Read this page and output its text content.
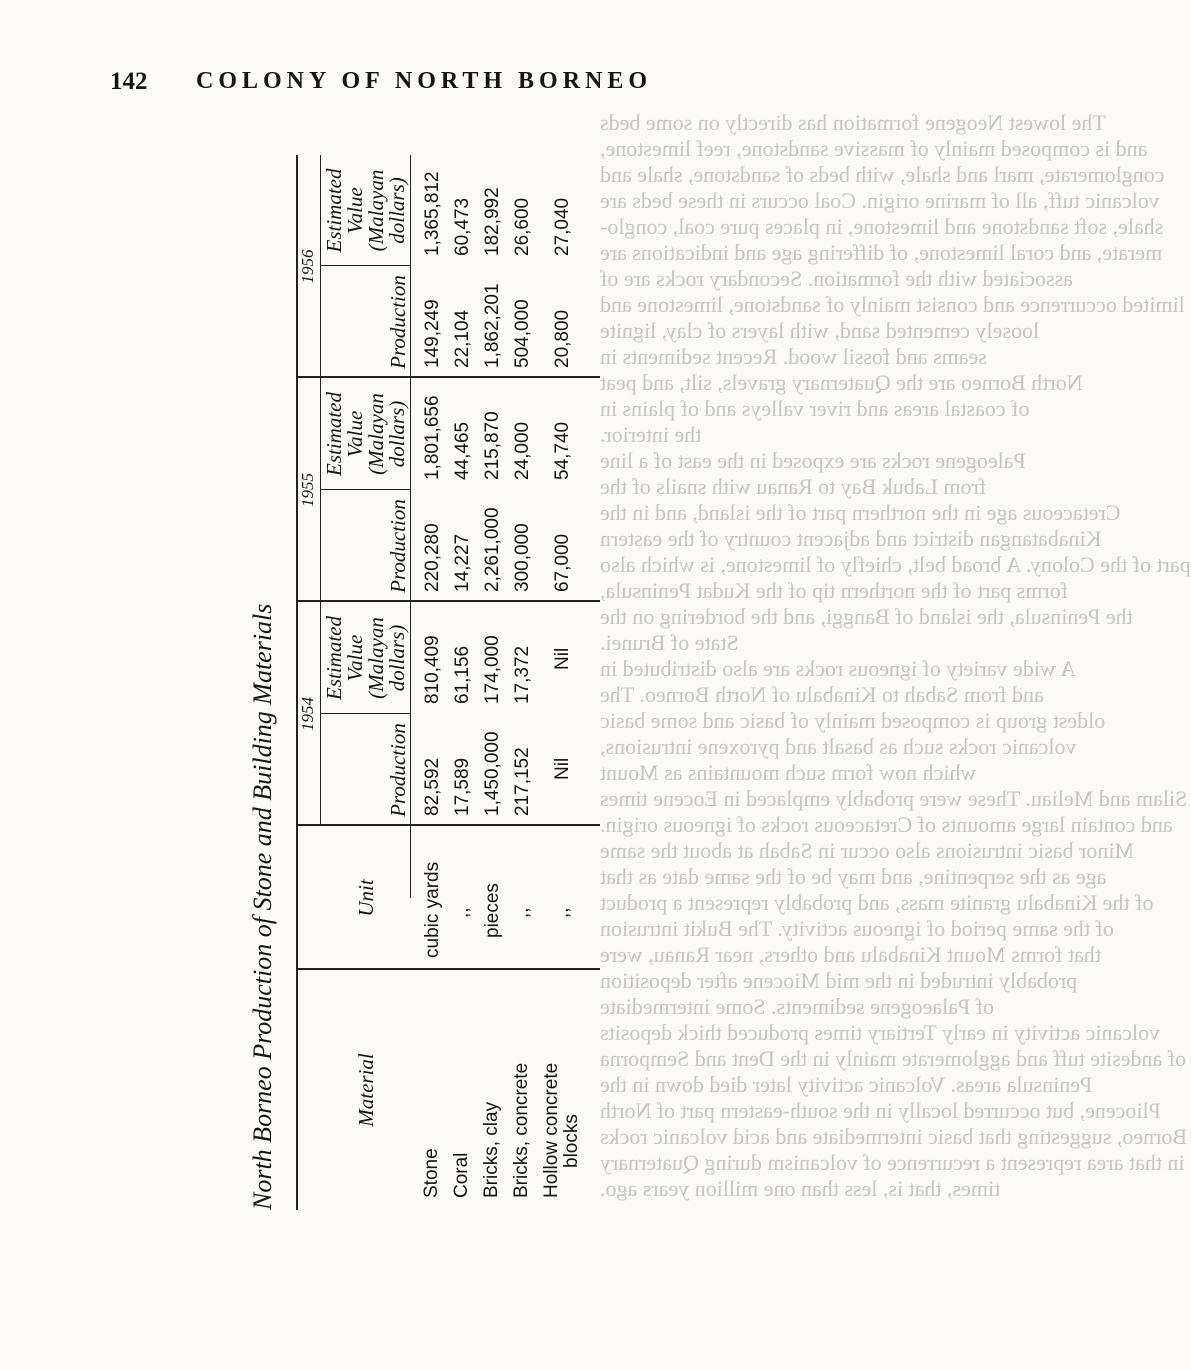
142 COLONY OF NORTH BORNEO
The lowest Neogene formation has directly on some beds
and is composed mainly of massive sandstone, reef limestone,
conglomerate, marl and shale, with beds of sandstone, shale and
volcanic tuff, all of marine origin. Coal occurs in these beds are
shale, soft sandstone and limestone, in places pure coal, conglo-
merate, and coral limestone, of differing age and indications are
associated with the formation. Secondary rocks are of
limited occurrence and consist mainly of sandstone, limestone and
loosely cemented sand, with layers of clay, lignite
seams and fossil wood. Recent sediments in
North Borneo are the Quaternary gravels, silt, and peat
of coastal areas and river valleys and of plains in
the interior.
Paleogene rocks are exposed in the east of a line
from Labuk Bay to Ranau with snails of the
Cretaceous age in the northern part of the island, and in the
Kinabatangan district and adjacent country of the eastern
part of the Colony. A broad belt, chiefly of limestone, is which also
forms part of the northern tip of the Kudat Peninsula,
the Peninsula, the island of Banggi, and the bordering on the
State of Brunei.
A wide variety of igneous rocks are also distributed in
and from Sabah to Kinabalu of North Borneo. The
oldest group is composed mainly of basic and some basic
volcanic rocks such as basalt and pyroxene intrusions,
which now form such mountains as Mount
Silam and Meliau. These were probably emplaced in Eocene times
and contain large amounts of Cretaceous rocks of igneous origin.
Minor basic intrusions also occur in Sabah at about the same
age as the serpentine, and may be of the same date as that
of the Kinabalu granite mass, and probably represent a product
of the same period of igneous activity. The Bukit intrusion
that forms Mount Kinabalu and others, near Ranau, were
probably intruded in the mid Miocene after deposition
of Palaeogene sediments. Some intermediate
volcanic activity in early Tertiary times produced thick deposits
of andesite tuff and agglomerate mainly in the Dent and Semporna
Peninsula areas. Volcanic activity later died down in the
Pliocene, but occurred locally in the south-eastern part of North
Borneo, suggesting that basic intermediate and acid volcanic rocks
in that area represent a recurrence of volcanism during Quaternary
times, that is, less than one million years ago.
North Borneo Production of Stone and Building Materials	Material
Unit
1954
1955
1956
Production
Estimated
Value
(Malayan
dollars)
Production
Estimated
Value
(Malayan
dollars)
Production
Estimated
Value
(Malayan
dollars)
Stone
cubic yards
82,592
810,409
220,280
1,801,656
149,249
1,365,812
Coral
,,
17,589
61,156
14,227
44,465
22,104
60,473
Bricks, clay
pieces
1,450,000
174,000
2,261,000
215,870
1,862,201
182,992
Bricks, concrete
,,
217,152
17,372
300,000
24,000
504,000
26,600
Hollow concrete
blocks
,,
Nil
Nil
67,000
54,740
20,800
27,040
